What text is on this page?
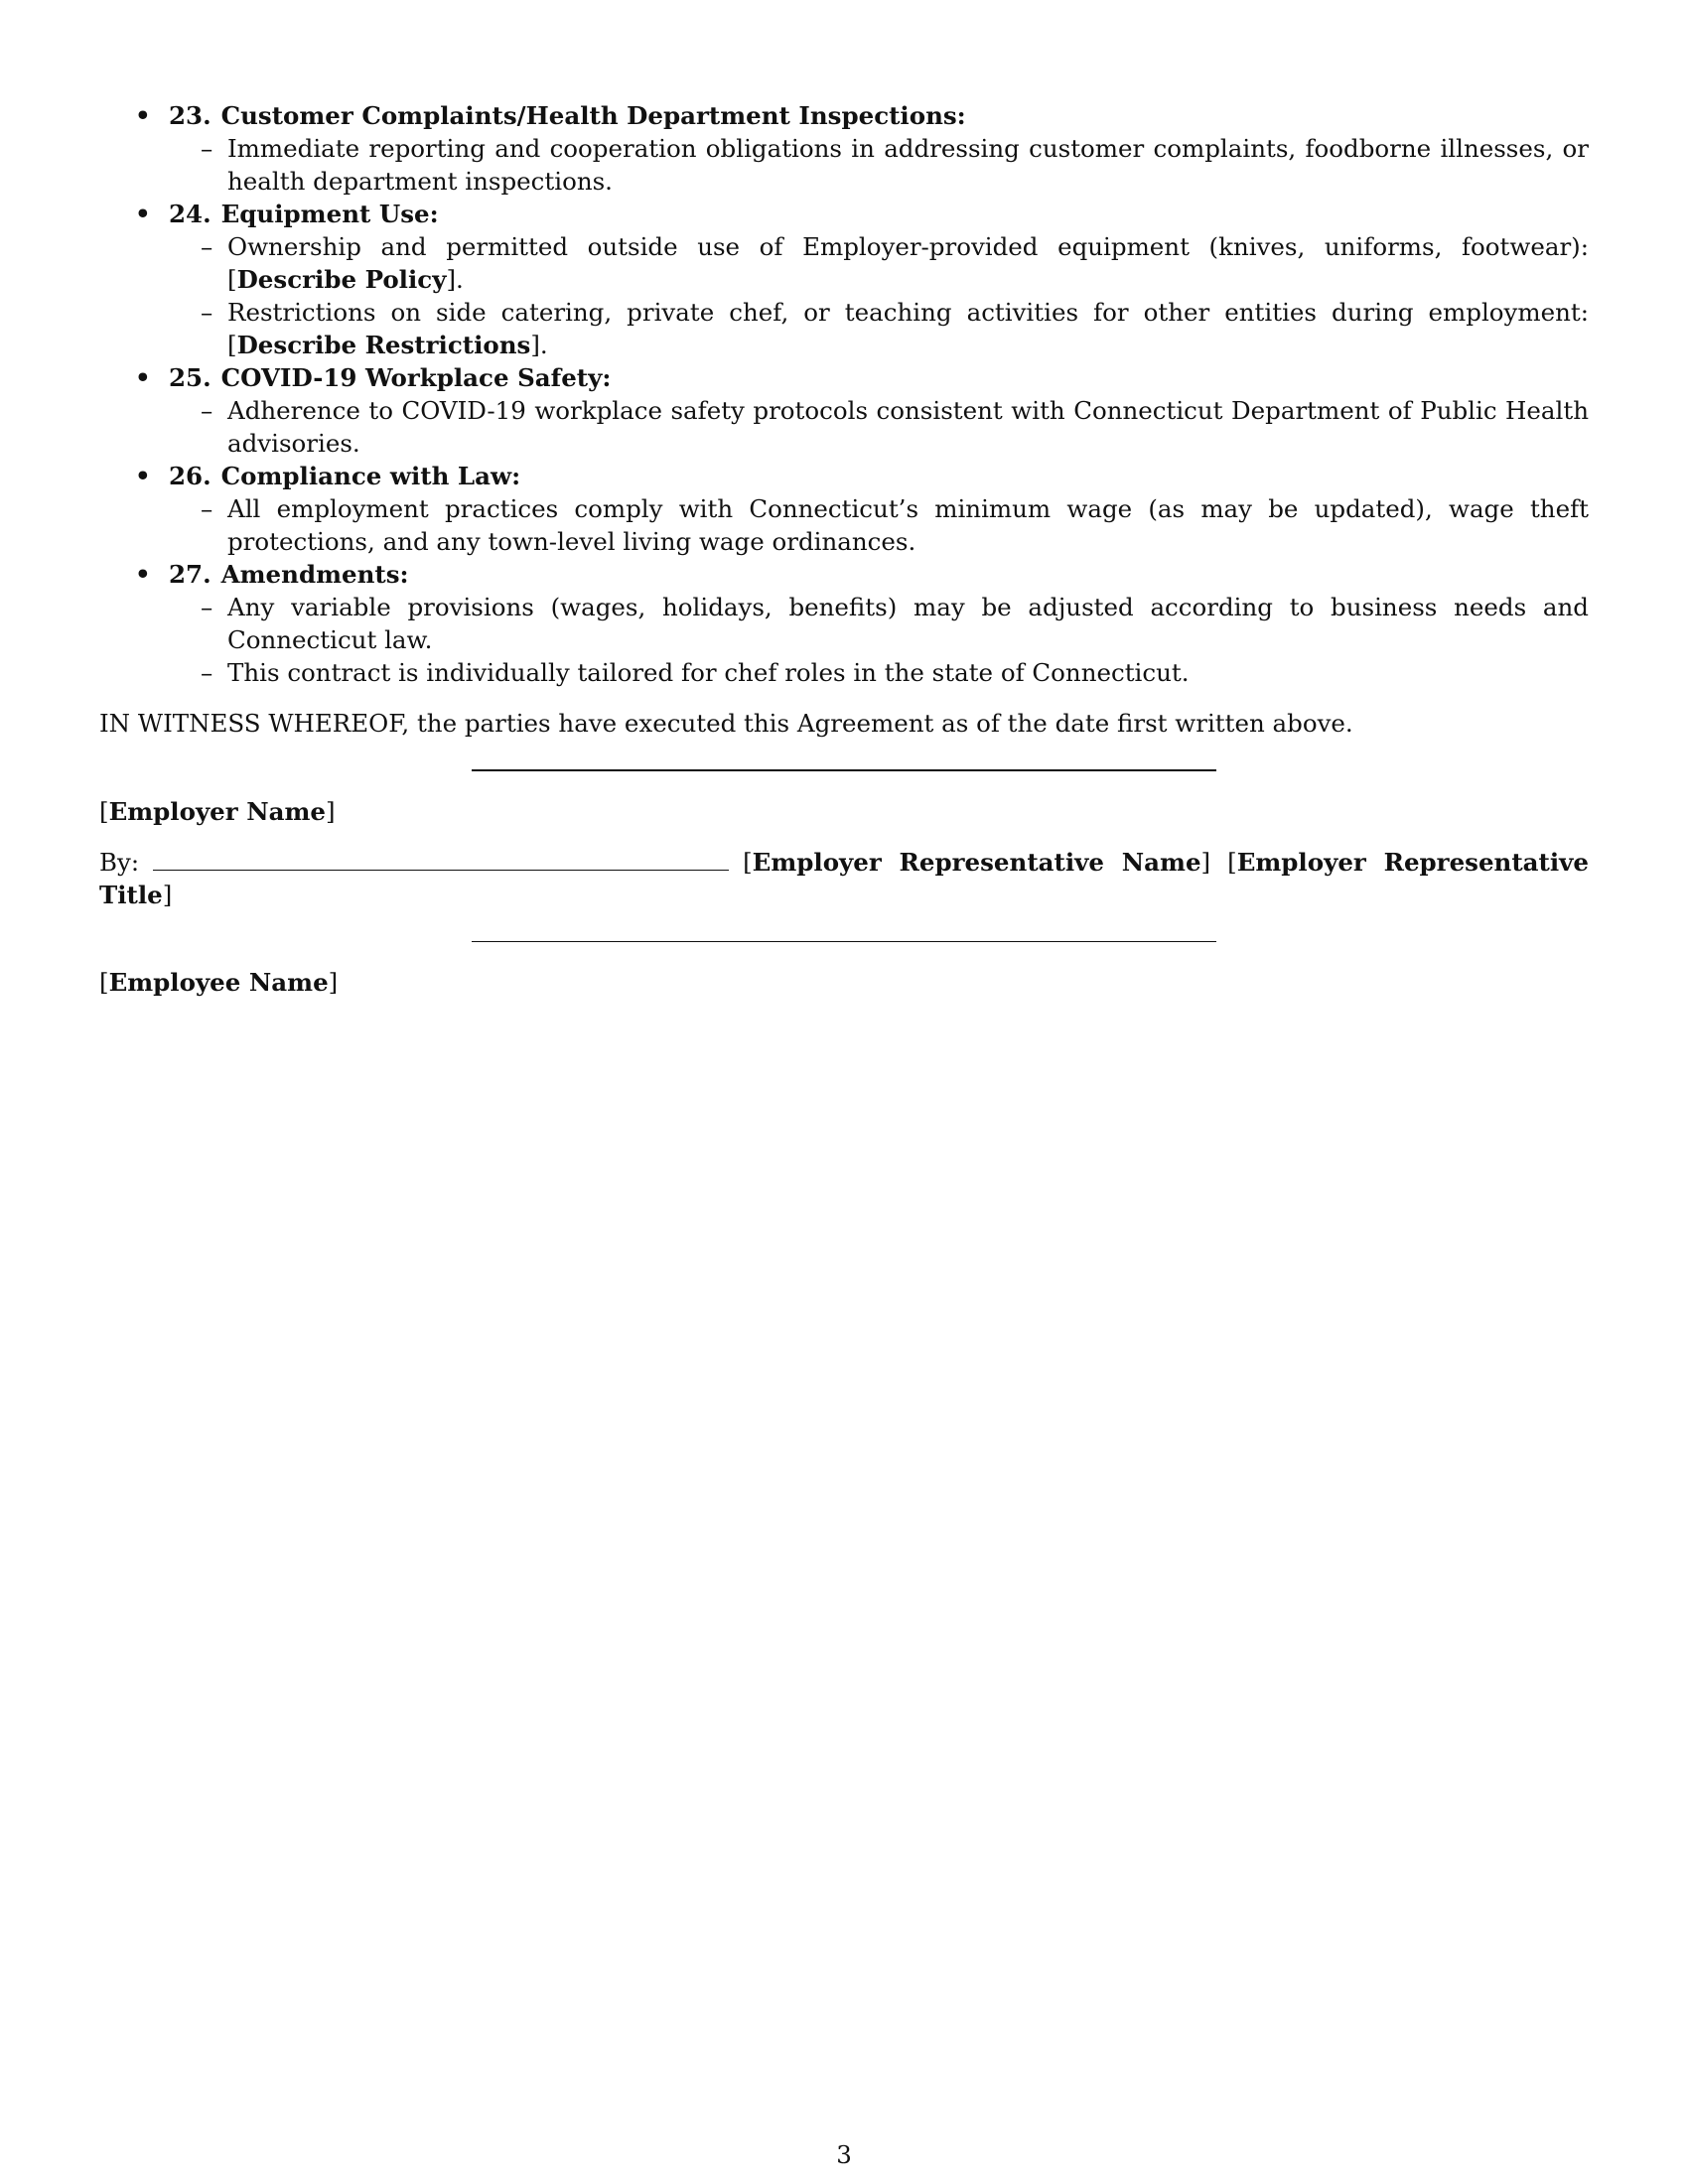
• 23. Customer Complaints/Health Department Inspections:
– Immediate reporting and cooperation obligations in addressing customer complaints, foodborne illnesses, or health department inspections.
• 24. Equipment Use:
– Ownership and permitted outside use of Employer-provided equipment (knives, uniforms, footwear): [Describe Policy].
– Restrictions on side catering, private chef, or teaching activities for other entities during employment: [Describe Restrictions].
• 25. COVID-19 Workplace Safety:
– Adherence to COVID-19 workplace safety protocols consistent with Connecticut Department of Public Health advisories.
• 26. Compliance with Law:
– All employment practices comply with Connecticut’s minimum wage (as may be updated), wage theft protections, and any town-level living wage ordinances.
• 27. Amendments:
– Any variable provisions (wages, holidays, benefits) may be adjusted according to business needs and Connecticut law.
– This contract is individually tailored for chef roles in the state of Connecticut.
IN WITNESS WHEREOF, the parties have executed this Agreement as of the date first written above.
[Employer Name]
By:	[Employer Representative Name] [Employer Representative Title]
[Employee Name]
3
